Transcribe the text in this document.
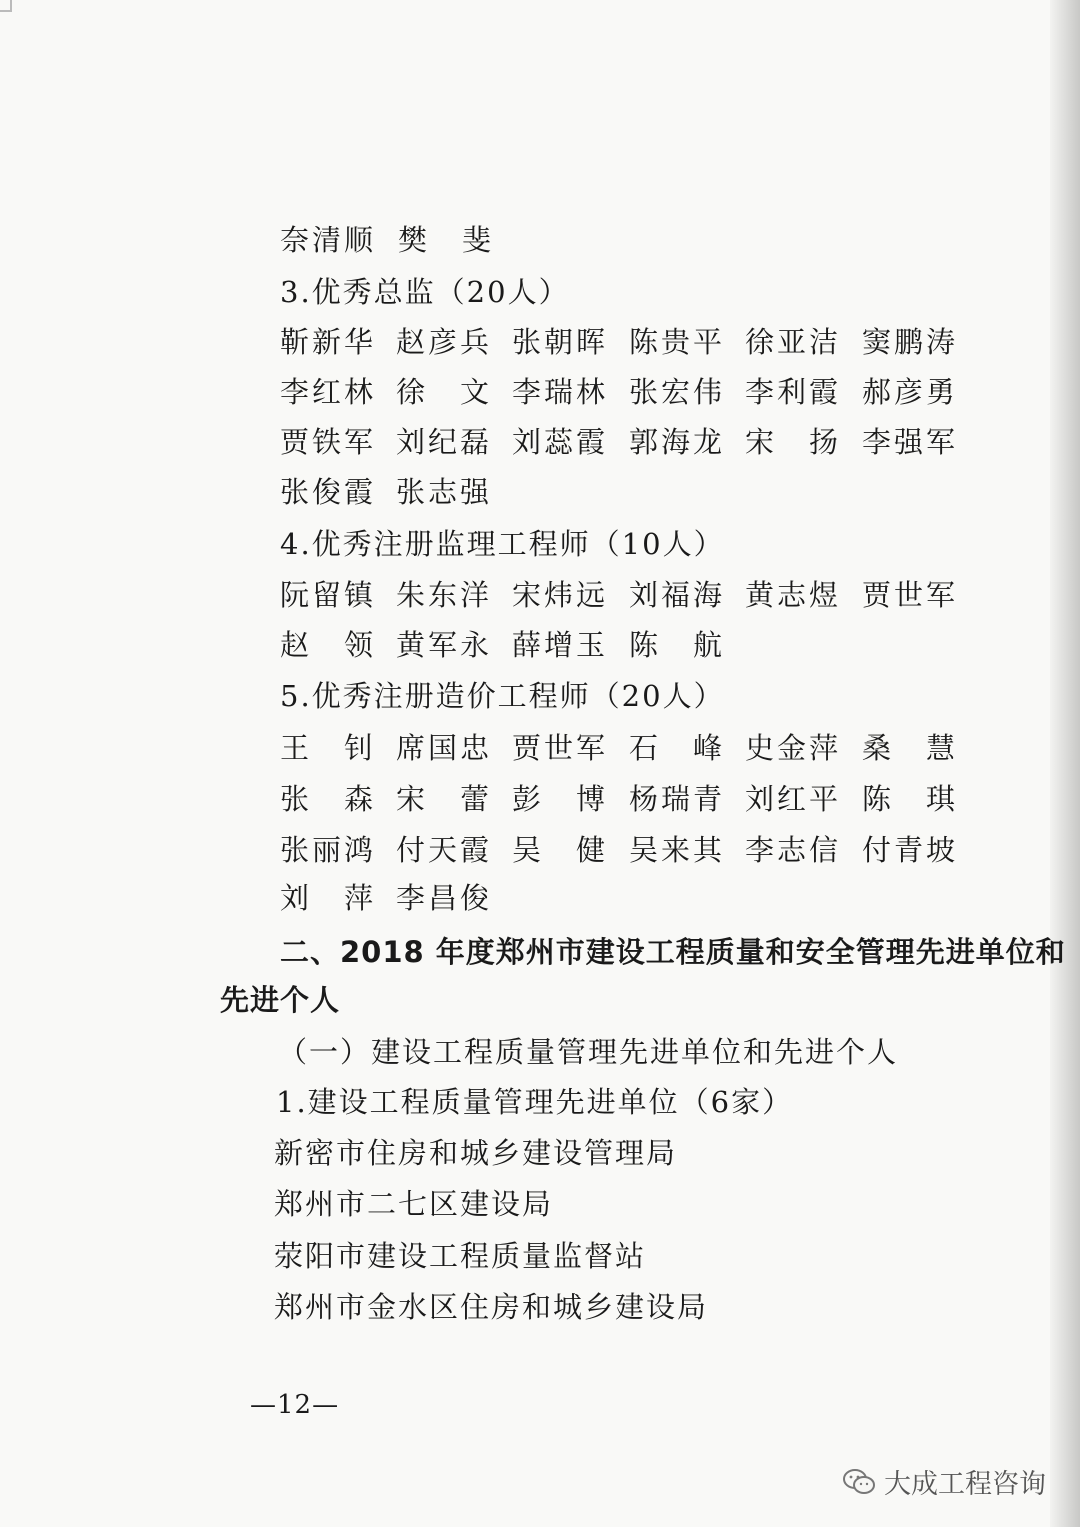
奈清顺 樊　斐
3.优秀总监（20人）
靳新华 赵彦兵 张朝晖 陈贵平 徐亚洁 窦鹏涛
李红林 徐　文 李瑞林 张宏伟 李利霞 郝彦勇
贾铁军 刘纪磊 刘蕊霞 郭海龙 宋　扬 李强军
张俊霞 张志强
4.优秀注册监理工程师（10人）
阮留镇 朱东洋 宋炜远 刘福海 黄志煜 贾世军
赵　领 黄军永 薛增玉 陈　航
5.优秀注册造价工程师（20人）
王　钊 席国忠 贾世军 石　峰 史金萍 桑　慧
张　森 宋　蕾 彭　博 杨瑞青 刘红平 陈　琪
张丽鸿 付天霞 吴　健 吴来其 李志信 付青坡
刘　萍 李昌俊
二、2018 年度郑州市建设工程质量和安全管理先进单位和
先进个人
（一）建设工程质量管理先进单位和先进个人
1.建设工程质量管理先进单位（6家）
新密市住房和城乡建设管理局
郑州市二七区建设局
荥阳市建设工程质量监督站
郑州市金水区住房和城乡建设局
—12—
大成工程咨询
